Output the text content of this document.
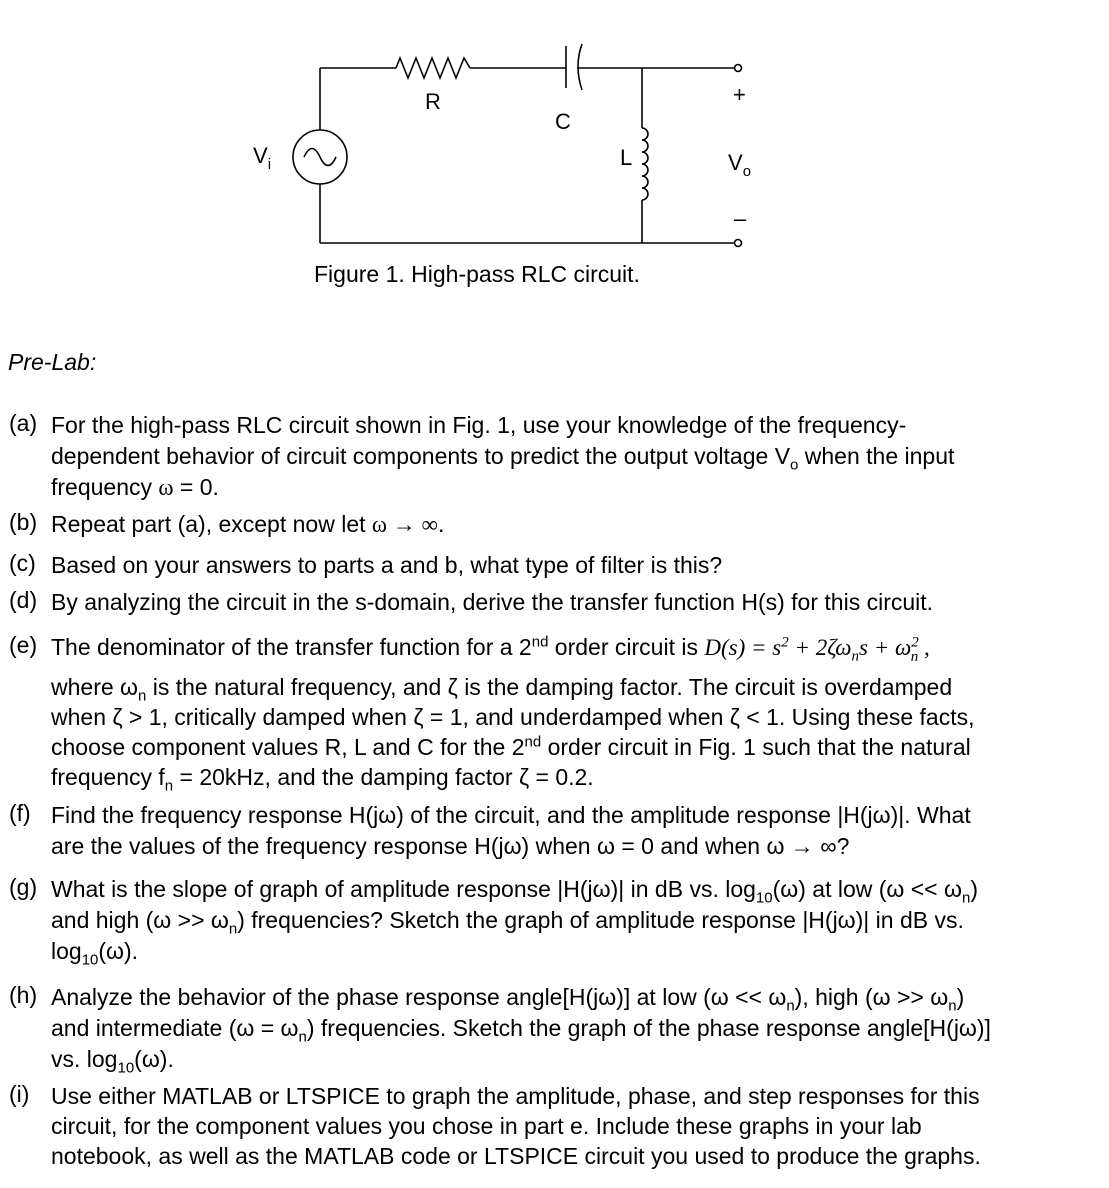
R
C
L
$V_i$	$V_o$
+
–
Figure 1. High-pass RLC circuit.
Pre-Lab:
(a) For the high-pass RLC circuit shown in Fig. 1, use your knowledge of the frequency-
dependent behavior of circuit components to predict the output voltage $V_o$ when the input
frequency ω = 0.
(b) Repeat part (a), except now let ω → ∞.
(c) Based on your answers to parts a and b, what type of filter is this?
(d) By analyzing the circuit in the s-domain, derive the transfer function H(s) for this circuit.
(e) The denominator of the transfer function for a 2nd order circuit is $D(s) = s^2 + 2\zeta\omega_ns + \omega^2_n$ ,
where $\omega_n$ is the natural frequency, and ζ is the damping factor. The circuit is overdamped
when ζ > 1, critically damped when ζ = 1, and underdamped when ζ < 1. Using these facts,
choose component values R, L and C for the 2nd order circuit in Fig. 1 such that the natural
frequency $f_n = 20kHz$, and the damping factor ζ = 0.2.
(f) Find the frequency response H(jω) of the circuit, and the amplitude response |H(jω)|. What
are the values of the frequency response H(jω) when ω = 0 and when ω → ∞?
(g) What is the slope of graph of amplitude response |H(jω)| in dB vs. $\log_{10}(\omega)$ at low $(\omega << \omega_n)$
and high $(\omega >> \omega_n)$ frequencies? Sketch the graph of amplitude response |H(jω)| in dB vs.
$\log_{10}(\omega)$.
(h) Analyze the behavior of the phase response angle[H(jω)] at low $(\omega << \omega_n)$, high $(\omega >> \omega_n)$
and intermediate $(\omega = \omega_n)$ frequencies. Sketch the graph of the phase response angle[H(jω)]
vs. $\log_{10}(\omega)$.
(i) Use either MATLAB or LTSPICE to graph the amplitude, phase, and step responses for this
circuit, for the component values you chose in part e. Include these graphs in your lab
notebook, as well as the MATLAB code or LTSPICE circuit you used to produce the graphs.
